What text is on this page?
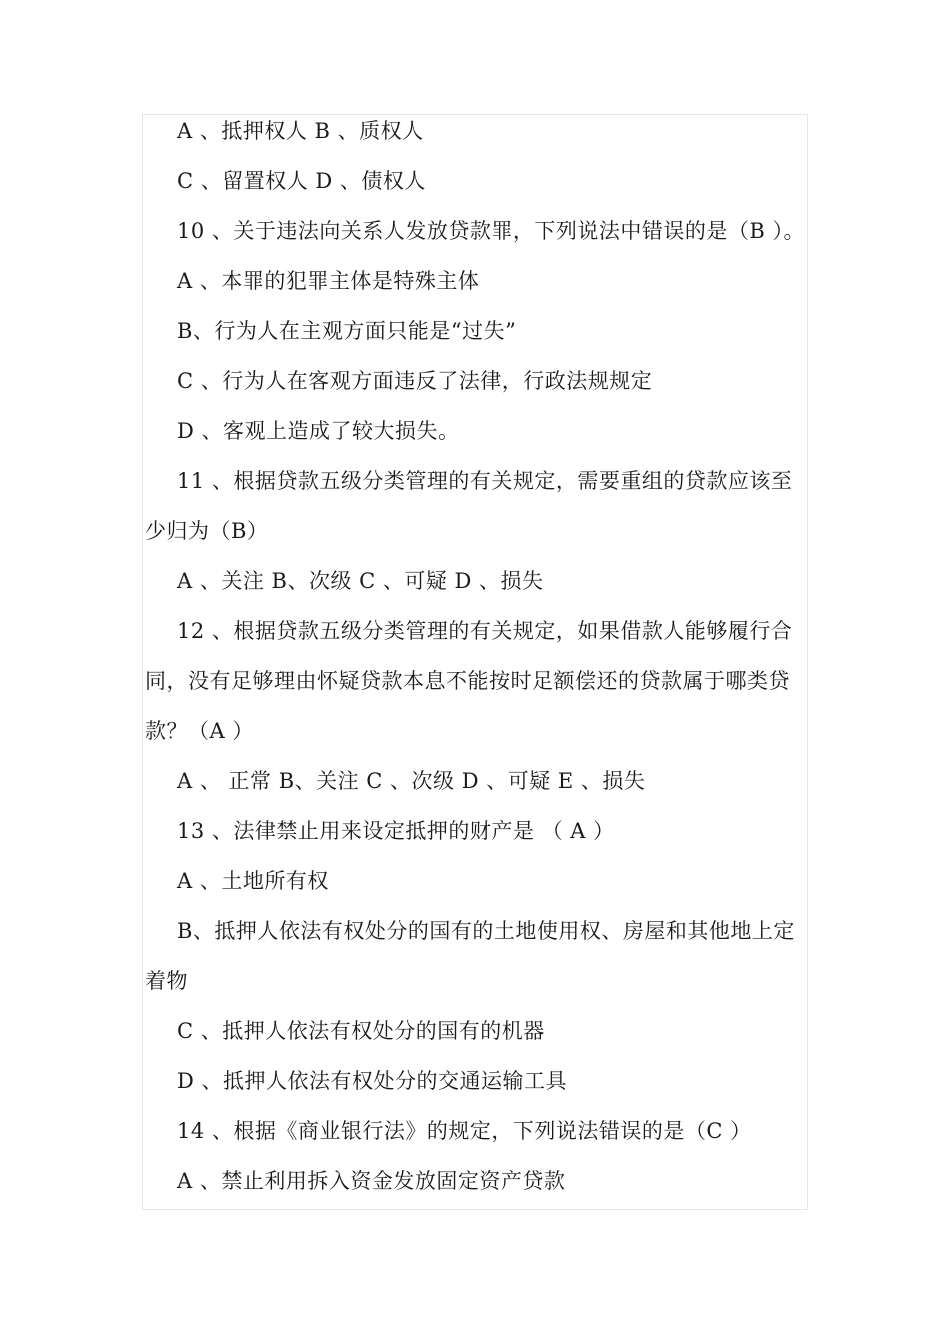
A 、抵押权人 B 、质权人
C 、留置权人 D 、债权人
10 、关于违法向关系人发放贷款罪，下列说法中错误的是（B ）。
A 、本罪的犯罪主体是特殊主体
B、行为人在主观方面只能是“过失”
C 、行为人在客观方面违反了法律，行政法规规定
D 、客观上造成了较大损失。
11 、根据贷款五级分类管理的有关规定，需要重组的贷款应该至
少归为（B）
A 、关注 B、次级 C 、可疑 D 、损失
12 、根据贷款五级分类管理的有关规定，如果借款人能够履行合
同，没有足够理由怀疑贷款本息不能按时足额偿还的贷款属于哪类贷
款？（A ）
A 、 正常 B、关注 C 、次级 D 、可疑 E 、损失
13 、法律禁止用来设定抵押的财产是 （ A ）
A 、土地所有权
B、抵押人依法有权处分的国有的土地使用权、房屋和其他地上定
着物
C 、抵押人依法有权处分的国有的机器
D 、抵押人依法有权处分的交通运输工具
14 、根据《商业银行法》的规定，下列说法错误的是（C ）
A 、禁止利用拆入资金发放固定资产贷款
